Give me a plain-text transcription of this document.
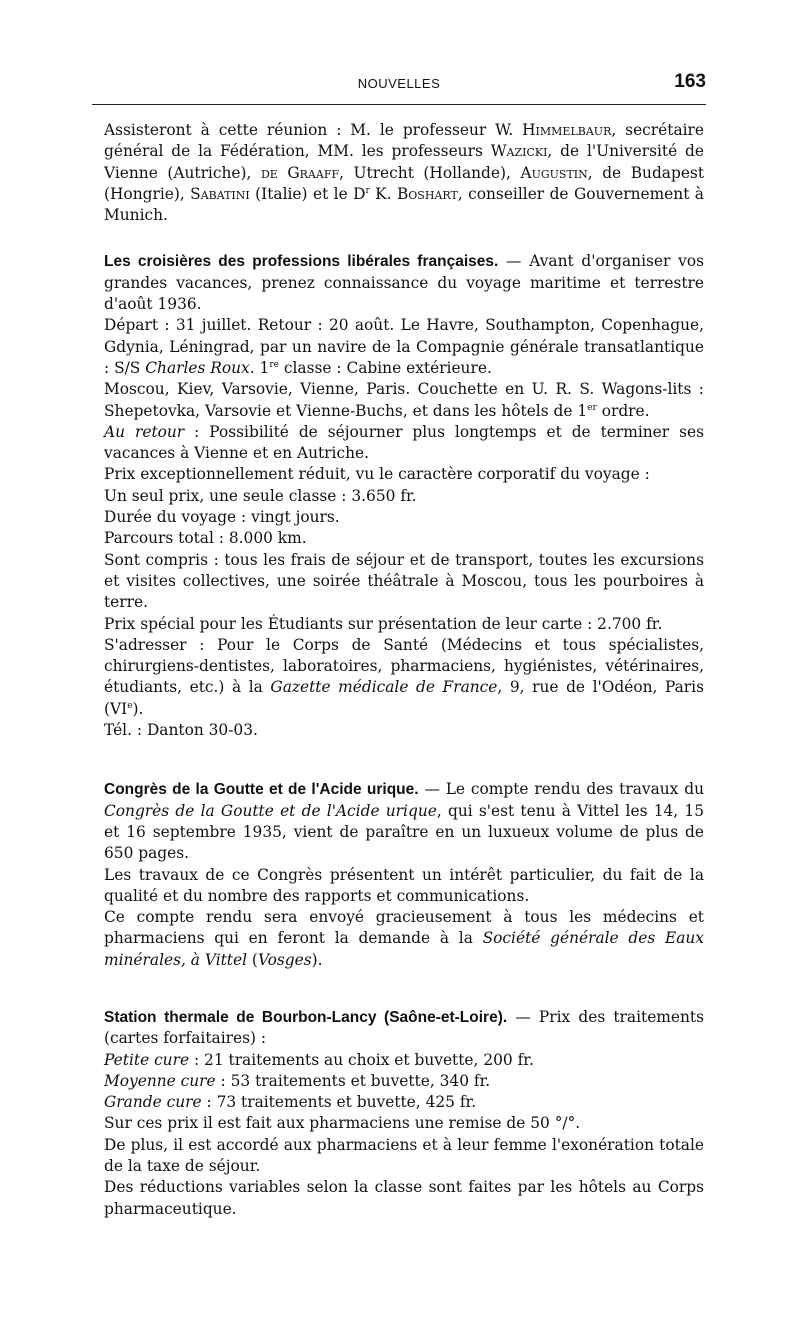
NOUVELLES	163

Assisteront à cette réunion : M. le professeur W. Himmelbaur, secrétaire général de la Fédération, MM. les professeurs Wazicki, de l'Université de Vienne (Autriche), de Graaff, Utrecht (Hollande), Augustin, de Budapest (Hongrie), Sabatini (Italie) et le $D^r$ K. Boshart, conseiller de Gouvernement à Munich.

Les croisières des professions libérales françaises. — Avant d'organiser vos grandes vacances, prenez connaissance du voyage maritime et terrestre d'août 1936.

Départ : 31 juillet. Retour : 20 août. Le Havre, Southampton, Copenhague, Gdynia, Léningrad, par un navire de la Compagnie générale transatlantique : S/S Charles Roux. 1re classe : Cabine extérieure.

Moscou, Kiev, Varsovie, Vienne, Paris. Couchette en U. R. S. Wagons-lits : Shepetovka, Varsovie et Vienne-Buchs, et dans les hôtels de 1er ordre.

Au retour : Possibilité de séjourner plus longtemps et de terminer ses vacances à Vienne et en Autriche.

Prix exceptionnellement réduit, vu le caractère corporatif du voyage :

Un seul prix, une seule classe : 3.650 fr.

Durée du voyage : vingt jours.

Parcours total : 8.000 km.

Sont compris : tous les frais de séjour et de transport, toutes les excursions et visites collectives, une soirée théâtrale à Moscou, tous les pourboires à terre.

Prix spécial pour les Étudiants sur présentation de leur carte : 2.700 fr.

S'adresser : Pour le Corps de Santé (Médecins et tous spécialistes, chirurgiens-dentistes, laboratoires, pharmaciens, hygiénistes, vétérinaires, étudiants, etc.) à la Gazette médicale de France, 9, rue de l'Odéon, Paris (VIe).

Tél. : Danton 30-03.

Congrès de la Goutte et de l'Acide urique. — Le compte rendu des travaux du Congrès de la Goutte et de l'Acide urique, qui s'est tenu à Vittel les 14, 15 et 16 septembre 1935, vient de paraître en un luxueux volume de plus de 650 pages.

Les travaux de ce Congrès présentent un intérêt particulier, du fait de la qualité et du nombre des rapports et communications.

Ce compte rendu sera envoyé gracieusement à tous les médecins et pharmaciens qui en feront la demande à la Société générale des Eaux minérales, à Vittel (Vosges).

Station thermale de Bourbon-Lancy (Saône-et-Loire). — Prix des traitements (cartes forfaitaires) :

Petite cure : 21 traitements au choix et buvette, 200 fr.

Moyenne cure : 53 traitements et buvette, 340 fr.

Grande cure : 73 traitements et buvette, 425 fr.

Sur ces prix il est fait aux pharmaciens une remise de 50 °/°.

De plus, il est accordé aux pharmaciens et à leur femme l'exonération totale de la taxe de séjour.

Des réductions variables selon la classe sont faites par les hôtels au Corps pharmaceutique.
